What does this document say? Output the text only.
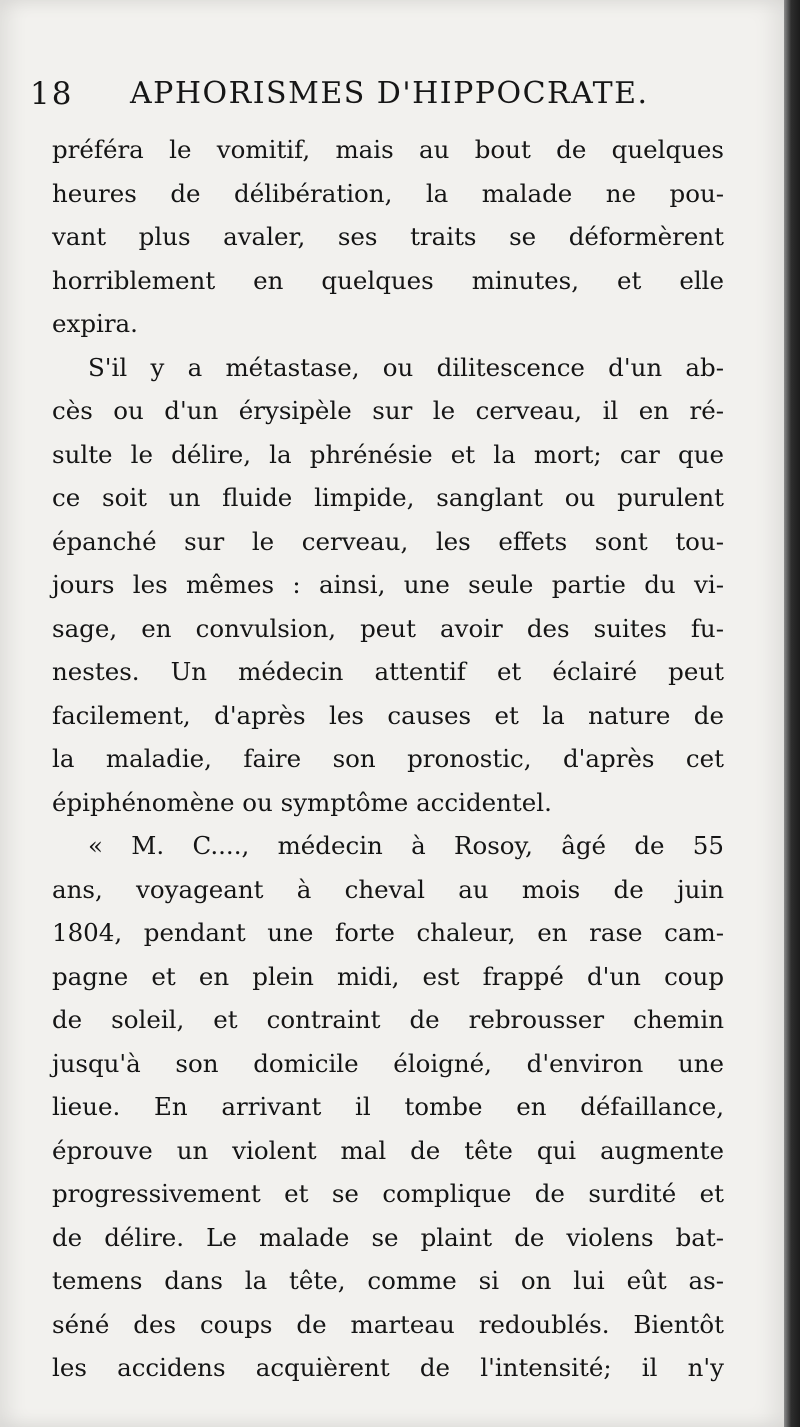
18 APHORISMES D'HIPPOCRATE.
préféra le vomitif, mais au bout de quelques
heures de délibération, la malade ne pou-
vant plus avaler, ses traits se déformèrent
horriblement en quelques minutes, et elle
expira.
S'il y a métastase, ou dilitescence d'un ab-
cès ou d'un érysipèle sur le cerveau, il en ré-
sulte le délire, la phrénésie et la mort; car que
ce soit un fluide limpide, sanglant ou purulent
épanché sur le cerveau, les effets sont tou-
jours les mêmes : ainsi, une seule partie du vi-
sage, en convulsion, peut avoir des suites fu-
nestes. Un médecin attentif et éclairé peut
facilement, d'après les causes et la nature de
la maladie, faire son pronostic, d'après cet
épiphénomène ou symptôme accidentel.
« M. C...., médecin à Rosoy, âgé de 55
ans, voyageant à cheval au mois de juin
1804, pendant une forte chaleur, en rase cam-
pagne et en plein midi, est frappé d'un coup
de soleil, et contraint de rebrousser chemin
jusqu'à son domicile éloigné, d'environ une
lieue. En arrivant il tombe en défaillance,
éprouve un violent mal de tête qui augmente
progressivement et se complique de surdité et
de délire. Le malade se plaint de violens bat-
temens dans la tête, comme si on lui eût as-
séné des coups de marteau redoublés. Bientôt
les accidens acquièrent de l'intensité; il n'y
